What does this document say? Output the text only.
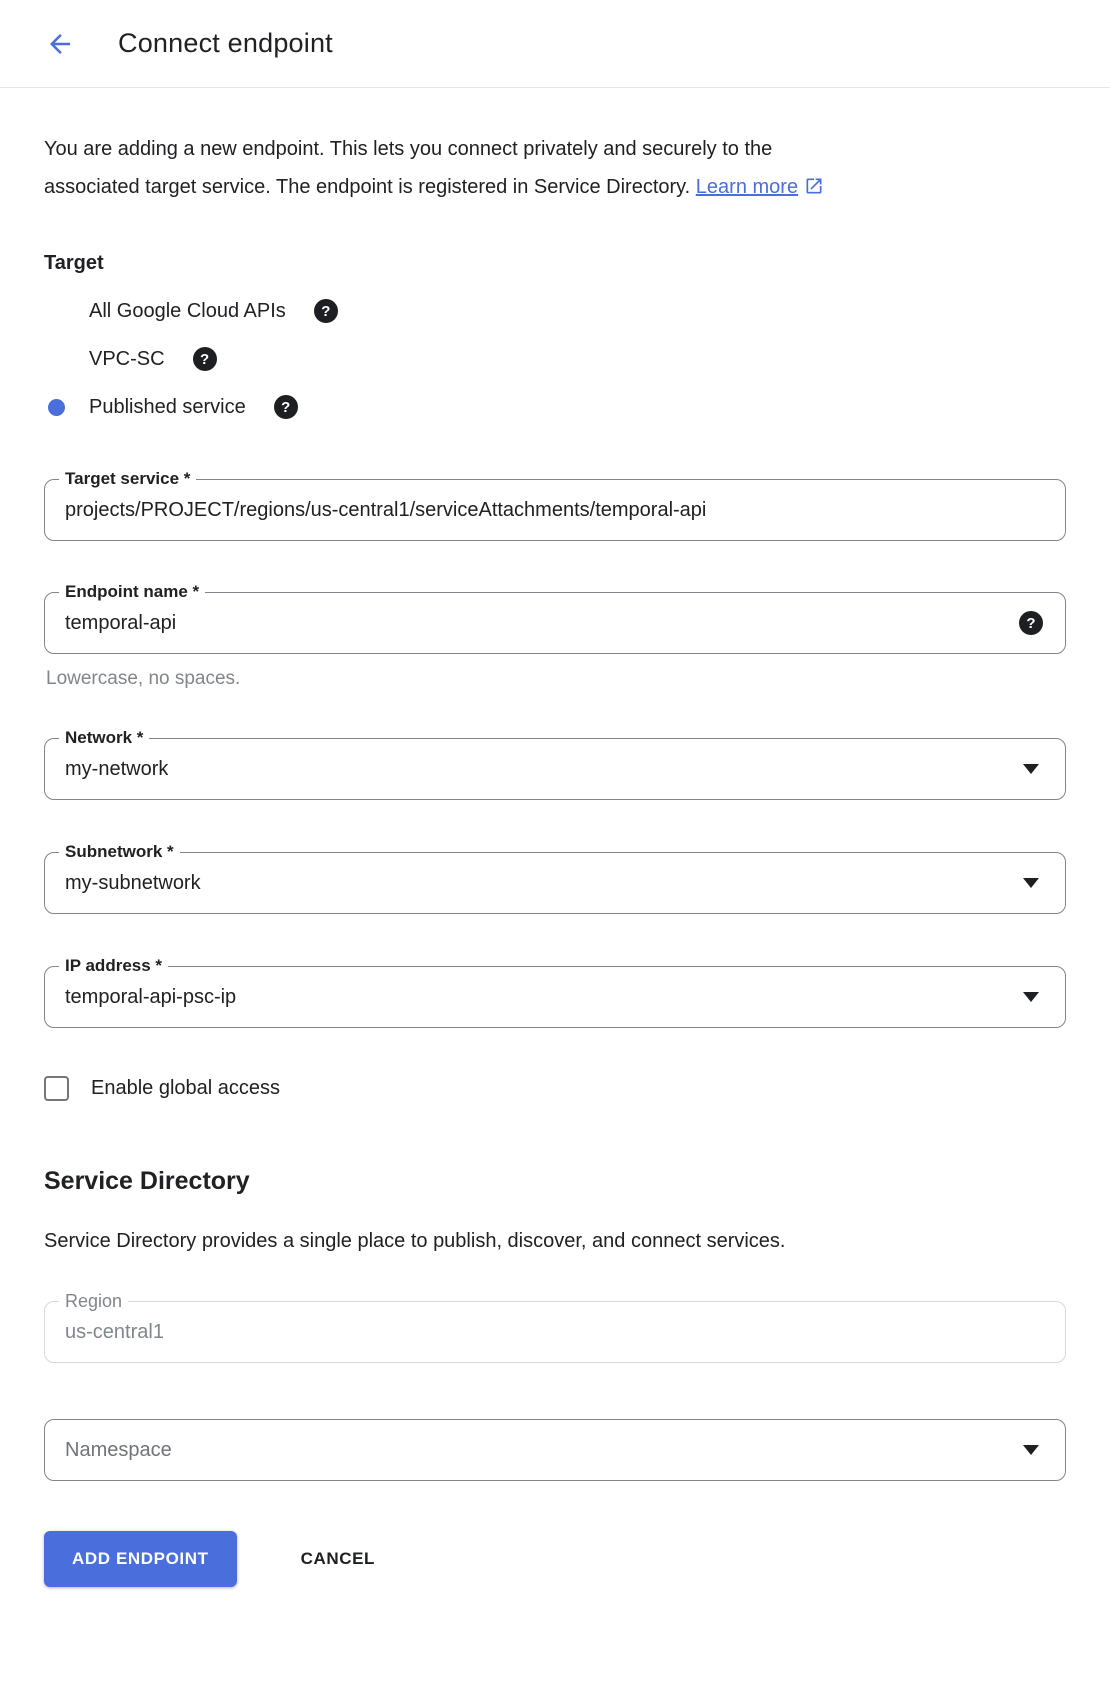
Connect endpoint
You are adding a new endpoint. This lets you connect privately and securely to the
associated target service. The endpoint is registered in Service Directory. Learn more
Target
All Google Cloud APIs	?
VPC-SC	?
Published service	?
Target service *
projects/PROJECT/regions/us-central1/serviceAttachments/temporal-api
Endpoint name *
temporal-api	?
Lowercase, no spaces.
Network *
my-network
Subnetwork *
my-subnetwork
IP address *
temporal-api-psc-ip
Enable global access
Service Directory
Service Directory provides a single place to publish, discover, and connect services.
Region
us-central1
Namespace
ADD ENDPOINT	CANCEL
